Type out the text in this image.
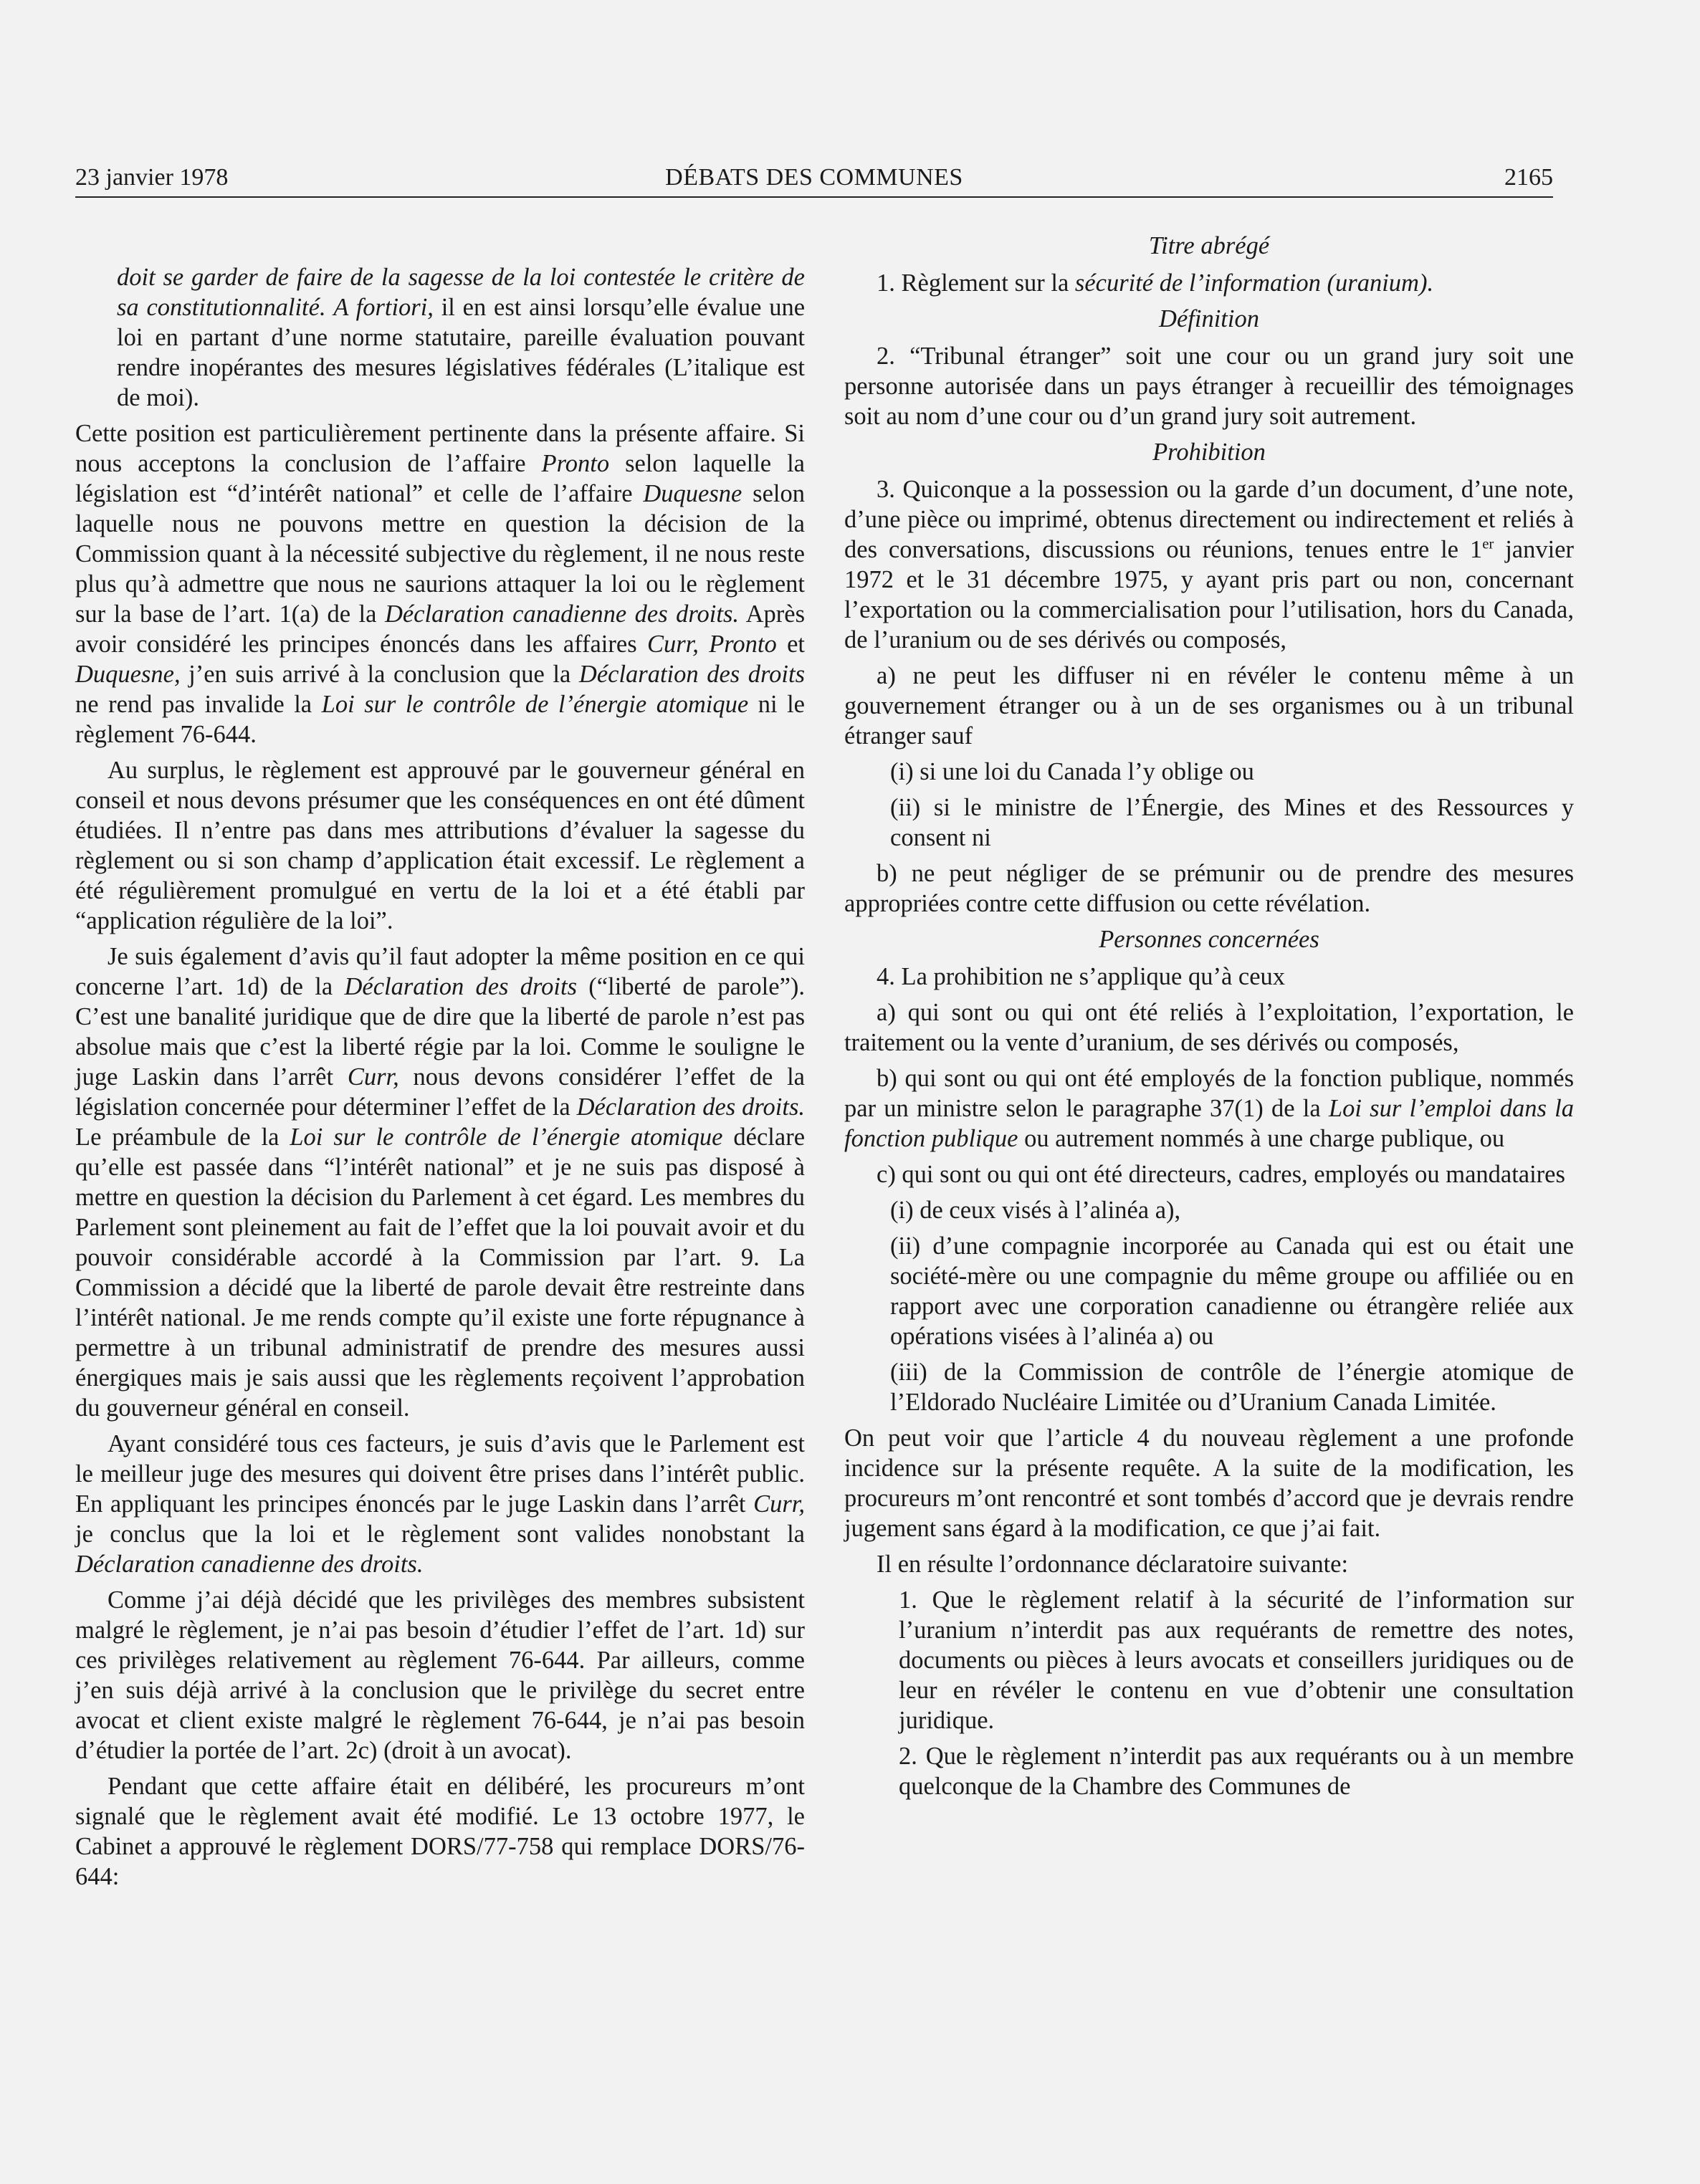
23 janvier 1978	DÉBATS DES COMMUNES	2165

doit se garder de faire de la sagesse de la loi contestée le critère de sa constitutionnalité. A fortiori, il en est ainsi lorsqu’elle évalue une loi en partant d’une norme statutaire, pareille évaluation pouvant rendre inopérantes des mesures législatives fédérales (L’italique est de moi).

Cette position est particulièrement pertinente dans la présente affaire. Si nous acceptons la conclusion de l’affaire Pronto selon laquelle la législation est “d’intérêt national” et celle de l’affaire Duquesne selon laquelle nous ne pouvons mettre en question la décision de la Commission quant à la nécessité subjective du règlement, il ne nous reste plus qu’à admettre que nous ne saurions attaquer la loi ou le règlement sur la base de l’art. 1(a) de la Déclaration canadienne des droits. Après avoir considéré les principes énoncés dans les affaires Curr, Pronto et Duquesne, j’en suis arrivé à la conclusion que la Déclaration des droits ne rend pas invalide la Loi sur le contrôle de l’énergie atomique ni le règlement 76-644.

Au surplus, le règlement est approuvé par le gouverneur général en conseil et nous devons présumer que les conséquences en ont été dûment étudiées. Il n’entre pas dans mes attributions d’évaluer la sagesse du règlement ou si son champ d’application était excessif. Le règlement a été régulièrement promulgué en vertu de la loi et a été établi par “application régulière de la loi”.

Je suis également d’avis qu’il faut adopter la même position en ce qui concerne l’art. 1d) de la Déclaration des droits (“liberté de parole”). C’est une banalité juridique que de dire que la liberté de parole n’est pas absolue mais que c’est la liberté régie par la loi. Comme le souligne le juge Laskin dans l’arrêt Curr, nous devons considérer l’effet de la législation concernée pour déterminer l’effet de la Déclaration des droits. Le préambule de la Loi sur le contrôle de l’énergie atomique déclare qu’elle est passée dans “l’intérêt national” et je ne suis pas disposé à mettre en question la décision du Parlement à cet égard. Les membres du Parlement sont pleinement au fait de l’effet que la loi pouvait avoir et du pouvoir considérable accordé à la Commission par l’art. 9. La Commission a décidé que la liberté de parole devait être restreinte dans l’intérêt national. Je me rends compte qu’il existe une forte répugnance à permettre à un tribunal administratif de prendre des mesures aussi énergiques mais je sais aussi que les règlements reçoivent l’approbation du gouverneur général en conseil.

Ayant considéré tous ces facteurs, je suis d’avis que le Parlement est le meilleur juge des mesures qui doivent être prises dans l’intérêt public. En appliquant les principes énoncés par le juge Laskin dans l’arrêt Curr, je conclus que la loi et le règlement sont valides nonobstant la Déclaration canadienne des droits.

Comme j’ai déjà décidé que les privilèges des membres subsistent malgré le règlement, je n’ai pas besoin d’étudier l’effet de l’art. 1d) sur ces privilèges relativement au règlement 76-644. Par ailleurs, comme j’en suis déjà arrivé à la conclusion que le privilège du secret entre avocat et client existe malgré le règlement 76-644, je n’ai pas besoin d’étudier la portée de l’art. 2c) (droit à un avocat).

Pendant que cette affaire était en délibéré, les procureurs m’ont signalé que le règlement avait été modifié. Le 13 octobre 1977, le Cabinet a approuvé le règlement DORS/77-758 qui remplace DORS/76-644:

Titre abrégé

1. Règlement sur la sécurité de l’information (uranium).

Définition

2. “Tribunal étranger” soit une cour ou un grand jury soit une personne autorisée dans un pays étranger à recueillir des témoignages soit au nom d’une cour ou d’un grand jury soit autrement.

Prohibition

3. Quiconque a la possession ou la garde d’un document, d’une note, d’une pièce ou imprimé, obtenus directement ou indirectement et reliés à des conversations, discussions ou réunions, tenues entre le 1er janvier 1972 et le 31 décembre 1975, y ayant pris part ou non, concernant l’exportation ou la commercialisation pour l’utilisation, hors du Canada, de l’uranium ou de ses dérivés ou composés,

a) ne peut les diffuser ni en révéler le contenu même à un gouvernement étranger ou à un de ses organismes ou à un tribunal étranger sauf

(i) si une loi du Canada l’y oblige ou

(ii) si le ministre de l’Énergie, des Mines et des Ressources y consent ni

b) ne peut négliger de se prémunir ou de prendre des mesures appropriées contre cette diffusion ou cette révélation.

Personnes concernées

4. La prohibition ne s’applique qu’à ceux

a) qui sont ou qui ont été reliés à l’exploitation, l’exportation, le traitement ou la vente d’uranium, de ses dérivés ou composés,

b) qui sont ou qui ont été employés de la fonction publique, nommés par un ministre selon le paragraphe 37(1) de la Loi sur l’emploi dans la fonction publique ou autrement nommés à une charge publique, ou

c) qui sont ou qui ont été directeurs, cadres, employés ou mandataires

(i) de ceux visés à l’alinéa a),

(ii) d’une compagnie incorporée au Canada qui est ou était une société-mère ou une compagnie du même groupe ou affiliée ou en rapport avec une corporation canadienne ou étrangère reliée aux opérations visées à l’alinéa a) ou

(iii) de la Commission de contrôle de l’énergie atomique de l’Eldorado Nucléaire Limitée ou d’Uranium Canada Limitée.

On peut voir que l’article 4 du nouveau règlement a une profonde incidence sur la présente requête. A la suite de la modification, les procureurs m’ont rencontré et sont tombés d’accord que je devrais rendre jugement sans égard à la modification, ce que j’ai fait.

Il en résulte l’ordonnance déclaratoire suivante:

1. Que le règlement relatif à la sécurité de l’information sur l’uranium n’interdit pas aux requérants de remettre des notes, documents ou pièces à leurs avocats et conseillers juridiques ou de leur en révéler le contenu en vue d’obtenir une consultation juridique.

2. Que le règlement n’interdit pas aux requérants ou à un membre quelconque de la Chambre des Communes de
